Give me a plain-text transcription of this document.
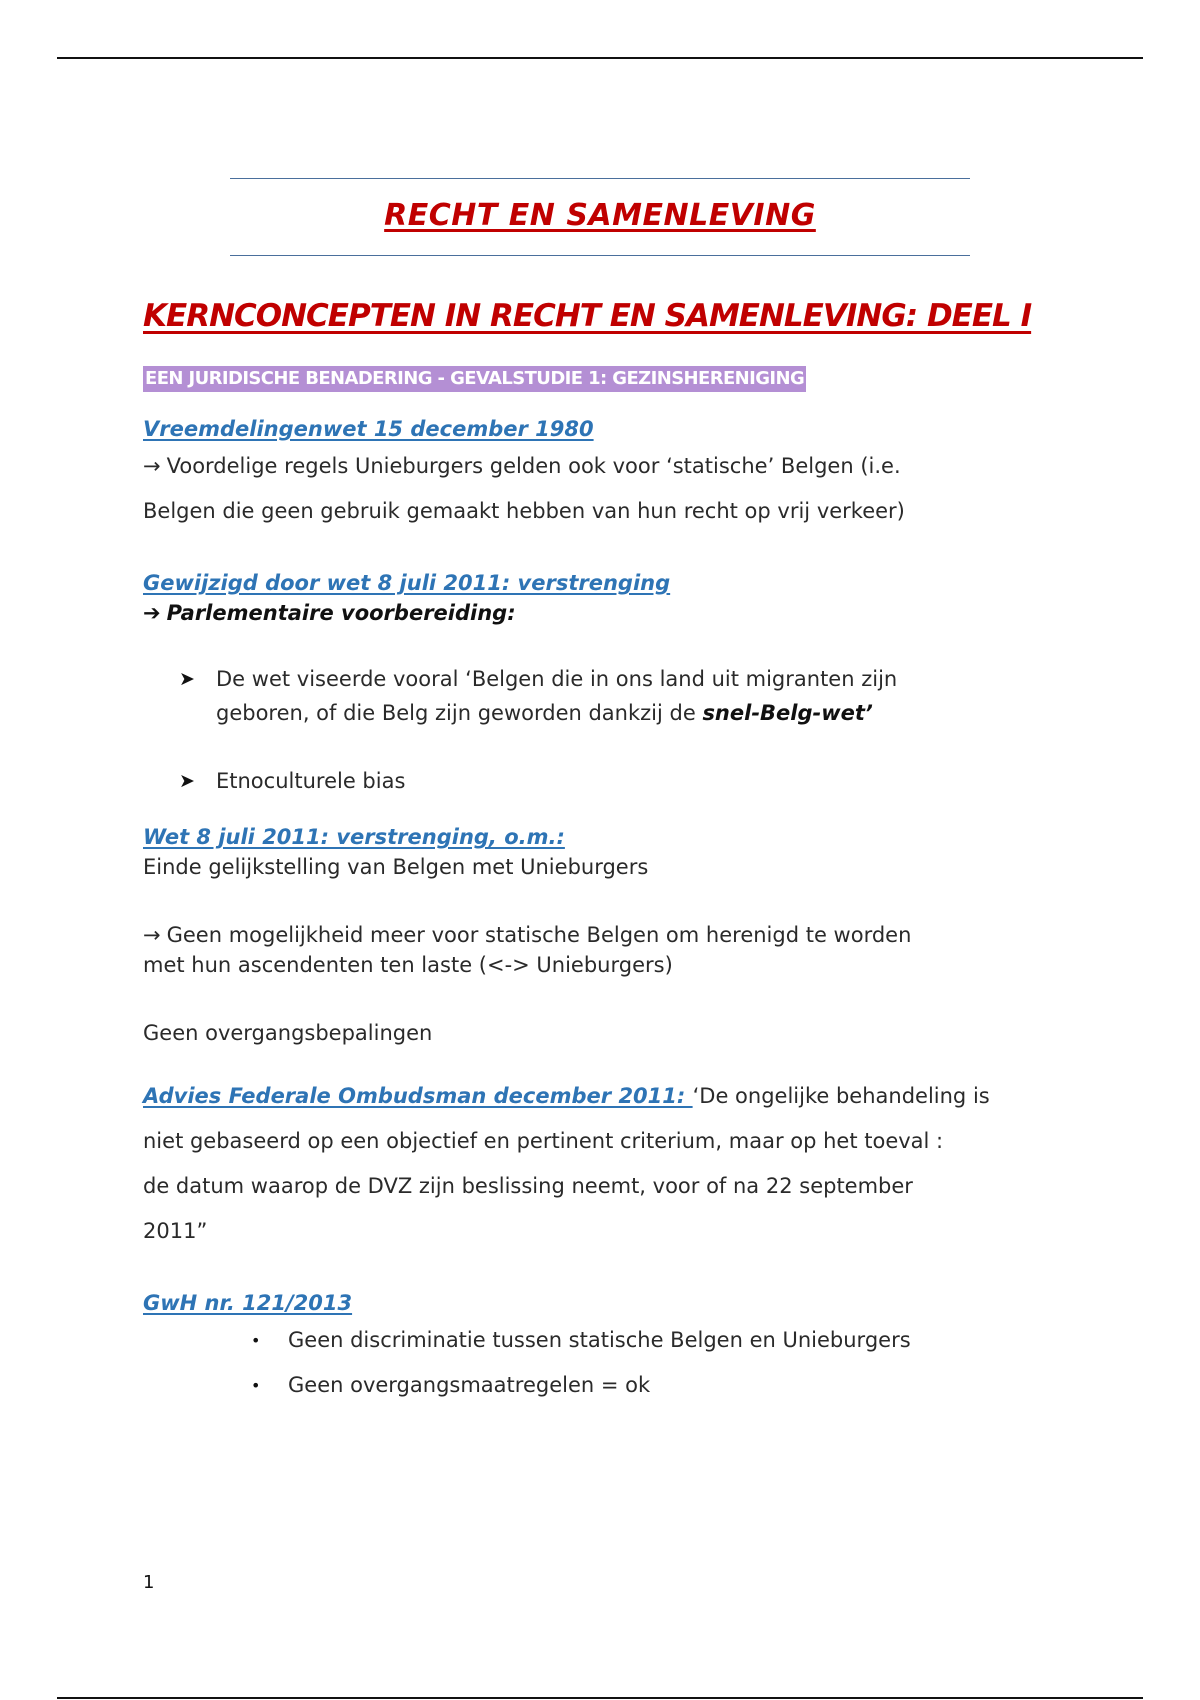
RECHT EN SAMENLEVING
KERNCONCEPTEN IN RECHT EN SAMENLEVING: DEEL I
EEN JURIDISCHE BENADERING - GEVALSTUDIE 1: GEZINSHERENIGING
Vreemdelingenwet 15 december 1980
→ Voordelige regels Unieburgers gelden ook voor ‘statische’ Belgen (i.e.
Belgen die geen gebruik gemaakt hebben van hun recht op vrij verkeer)
Gewijzigd door wet 8 juli 2011: verstrenging
➔ Parlementaire voorbereiding:
➤ De wet viseerde vooral ‘Belgen die in ons land uit migranten zijn
geboren, of die Belg zijn geworden dankzij de snel-Belg-wet’
➤ Etnoculturele bias
Wet 8 juli 2011: verstrenging, o.m.:
Einde gelijkstelling van Belgen met Unieburgers
→ Geen mogelijkheid meer voor statische Belgen om herenigd te worden
met hun ascendenten ten laste (<-> Unieburgers)
Geen overgangsbepalingen
Advies Federale Ombudsman december 2011: ‘De ongelijke behandeling is
niet gebaseerd op een objectief en pertinent criterium, maar op het toeval :
de datum waarop de DVZ zijn beslissing neemt, voor of na 22 september
2011”
GwH nr. 121/2013
• Geen discriminatie tussen statische Belgen en Unieburgers
• Geen overgangsmaatregelen = ok
1
